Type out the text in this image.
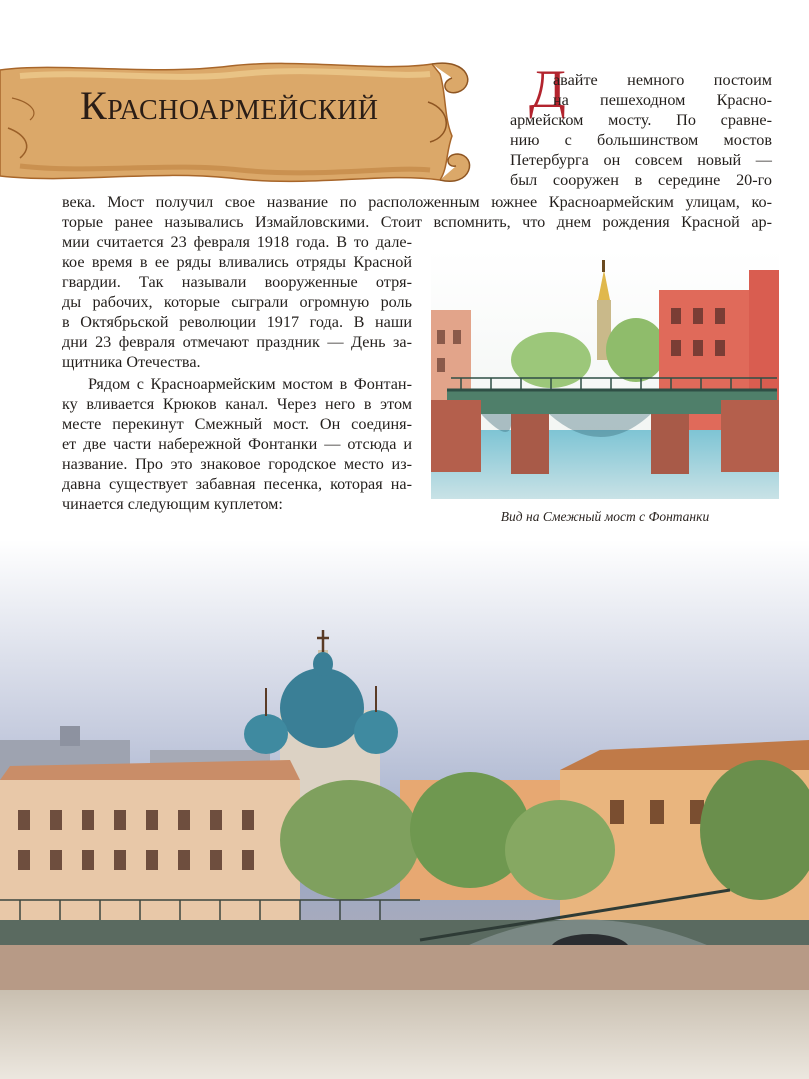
Красноармейский	Д

авайте немного постоим

на пешеходном Красно-

армейском мосту. По сравне-

нию с большинством мостов

Петербурга он совсем новый —

был сооружен в середине 20-го

века. Мост получил свое название по расположенным южнее Красноармейским улицам, ко-

торые ранее назывались Измайловскими. Стоит вспомнить, что днем рождения Красной ар-

мии считается 23 февраля 1918 года. В то дале-

кое время в ее ряды вливались отряды Красной

гвардии. Так называли вооруженные отря-

ды рабочих, которые сыграли огромную роль

в Октябрьской революции 1917 года. В наши

дни 23 февраля отмечают праздник — День за-

щитника Отечества.

Рядом с Красноармейским мостом в Фонтан-

ку вливается Крюков канал. Через него в этом

месте перекинут Смежный мост. Он соединя-

ет две части набережной Фонтанки — отсюда и

название. Про это знаковое городское место из-

давна существует забавная песенка, которая на-

чинается следующим куплетом:

Вид на Смежный мост с Фонтанки
